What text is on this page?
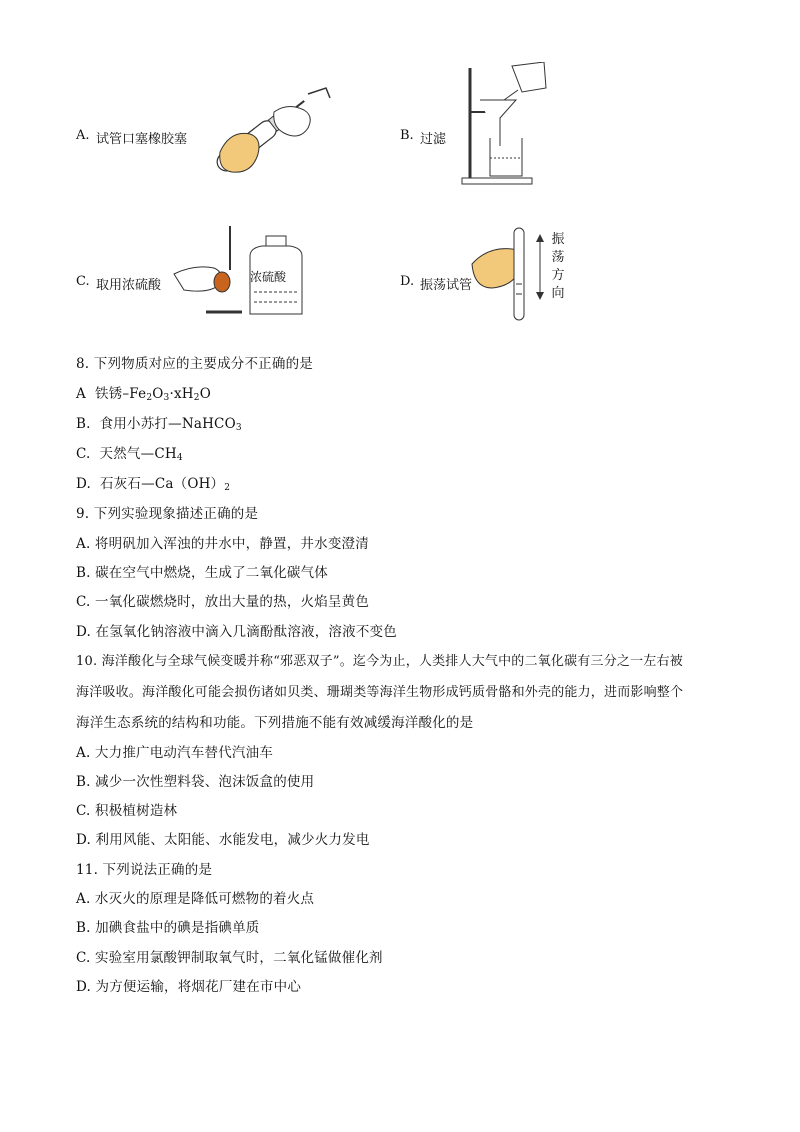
A. 试管口塞橡胶塞	B. 过滤
C. 取用浓硫酸
浓硫酸	D. 振荡试管
振
荡
方
向
8. 下列物质对应的主要成分不正确的是
A 铁锈$-Fe_2O_3\cdot xH_2O$
B. 食用小苏打—NaHCO$_3$
C. 天然气$—CH_4$
D. 石灰石$—Ca(OH)_2$
9. 下列实验现象描述正确的是
A. 将明矾加入浑浊的井水中，静置，井水变澄清
B. 碳在空气中燃烧，生成了二氧化碳气体
C. 一氧化碳燃烧时，放出大量的热，火焰呈黄色
D. 在氢氧化钠溶液中滴入几滴酚酞溶液，溶液不变色
10. 海洋酸化与全球气候变暖并称“邪恶双子”。迄今为止，人类排人大气中的二氧化碳有三分之一左右被
海洋吸收。海洋酸化可能会损伤诸如贝类、珊瑚类等海洋生物形成钙质骨骼和外壳的能力，进而影响整个
海洋生态系统的结构和功能。下列措施不能有效减缓海洋酸化的是
A. 大力推广电动汽车替代汽油车
B. 减少一次性塑料袋、泡沫饭盒的使用
C. 积极植树造林
D. 利用风能、太阳能、水能发电，减少火力发电
11. 下列说法正确的是
A. 水灭火的原理是降低可燃物的着火点
B. 加碘食盐中的碘是指碘单质
C. 实验室用氯酸钾制取氧气时，二氧化锰做催化剂
D. 为方便运输，将烟花厂建在市中心
